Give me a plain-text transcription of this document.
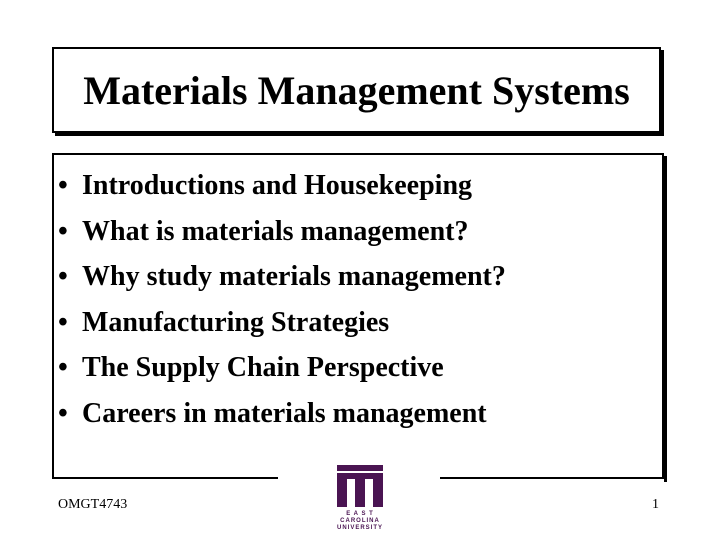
Materials Management Systems
• Introductions and Housekeeping
• What is materials management?
• Why study materials management?
• Manufacturing Strategies
• The Supply Chain Perspective
• Careers in materials management
OMGT4743	1
E A S T
CAROLINA
UNIVERSITY
